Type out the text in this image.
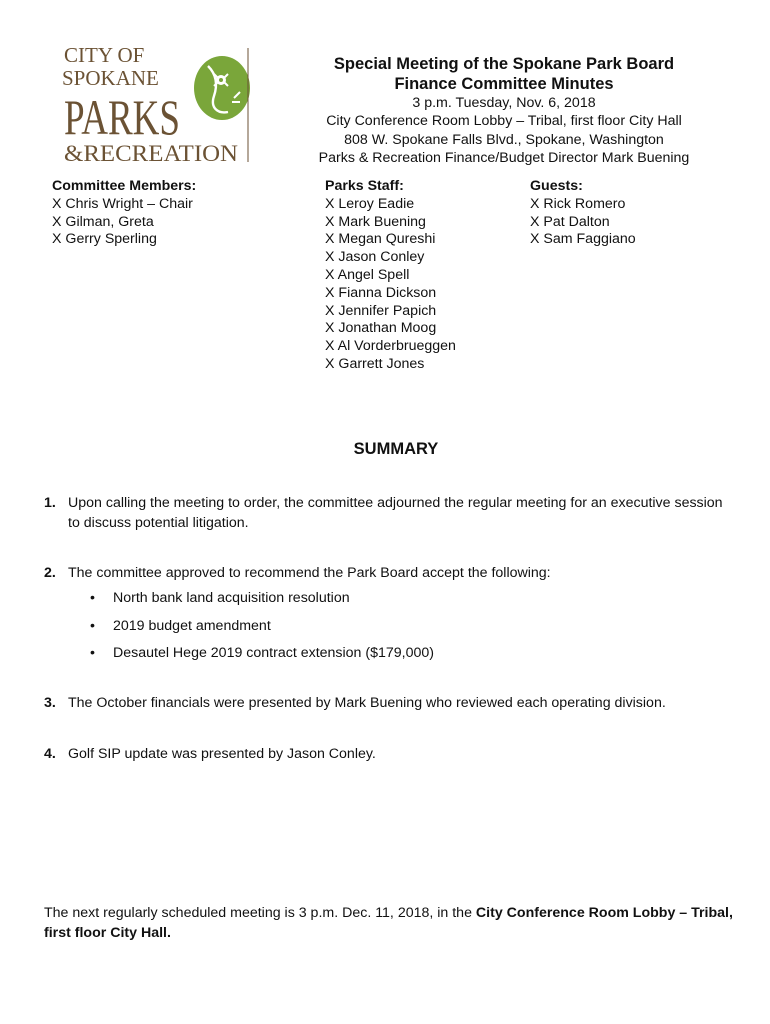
CITY OF
SPOKANE
PARKS
&RECREATION
Special Meeting of the Spokane Park Board
Finance Committee Minutes
3 p.m. Tuesday, Nov. 6, 2018
City Conference Room Lobby – Tribal, first floor City Hall
808 W. Spokane Falls Blvd., Spokane, Washington
Parks & Recreation Finance/Budget Director Mark Buening
Committee Members:
X Chris Wright – Chair
X Gilman, Greta
X Gerry Sperling
Parks Staff:
X Leroy Eadie
X Mark Buening
X Megan Qureshi
X Jason Conley
X Angel Spell
X Fianna Dickson
X Jennifer Papich
X Jonathan Moog
X Al Vorderbrueggen
X Garrett Jones
Guests:
X Rick Romero
X Pat Dalton
X Sam Faggiano
SUMMARY
1. Upon calling the meeting to order, the committee adjourned the regular meeting for an executive session to discuss potential litigation.
2. The committee approved to recommend the Park Board accept the following:
• North bank land acquisition resolution
• 2019 budget amendment
• Desautel Hege 2019 contract extension ($179,000)
3. The October financials were presented by Mark Buening who reviewed each operating division.
4. Golf SIP update was presented by Jason Conley.
The next regularly scheduled meeting is 3 p.m. Dec. 11, 2018, in the City Conference Room Lobby – Tribal, first floor City Hall.
